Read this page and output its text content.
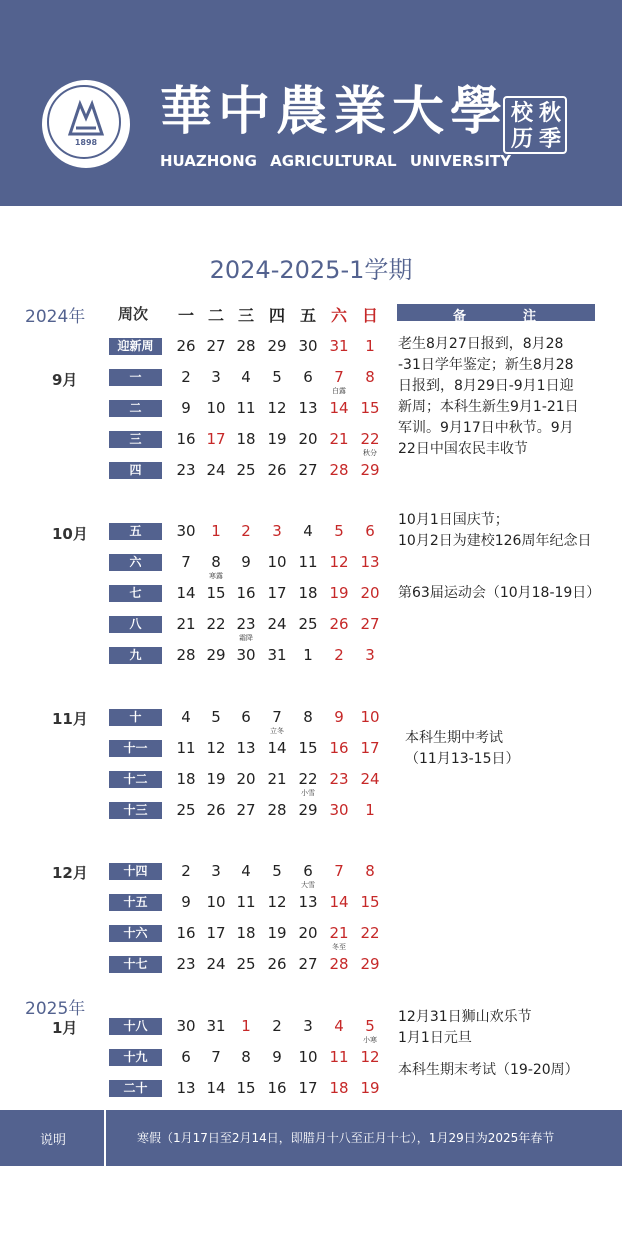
1898
華中農業大學
HUAZHONG AGRICULTURAL UNIVERSITY
校 秋
历 季
2024-2025-1学期
2024年 周次	一 二 三 四 五 六 日	备	注
2025年
9月
10月
11月
12月
1月
迎新周	26 27 28 29 30 31	1
一	2	3	4	5	6	7	8
白露
二	9	10 11 12 13 14 15
三	16 17 18 19 20 21 22
秋分
四	23 24 25 26 27 28 29
五	30	1	2	3	4	5	6
六	7	8	9	10 11 12 13
寒露
七	14 15 16 17 18 19 20
八	21 22 23 24 25 26 27
霜降
九	28 29 30 31	1	2	3
十	4	5	6	7	8	9	10
立冬
十一	11 12 13 14 15 16 17
十二	18 19 20 21 22 23 24
小雪
十三	25 26 27 28 29 30	1
十四	2	3	4	5	6	7	8
大雪
十五	9	10 11 12 13 14 15
十六	16 17 18 19 20 21 22
冬至
十七	23 24 25 26 27 28 29
十八	30 31	1	2	3	4	5
小寒
十九	6	7	8	9	10 11 12
二十	13 14 15 16 17 18 19
老生8月27日报到，8月28
-31日学年鉴定；新生8月28
日报到，8月29日-9月1日迎
新周；本科生新生9月1-21日
军训。9月17日中秋节。9月
22日中国农民丰收节
10月1日国庆节；
10月2日为建校126周年纪念日
第63届运动会（10月18-19日）
本科生期中考试
（11月13-15日）
12月31日狮山欢乐节
1月1日元旦
本科生期末考试（19-20周）
说明	寒假（1月17日至2月14日，即腊月十八至正月十七），1月29日为2025年春节
